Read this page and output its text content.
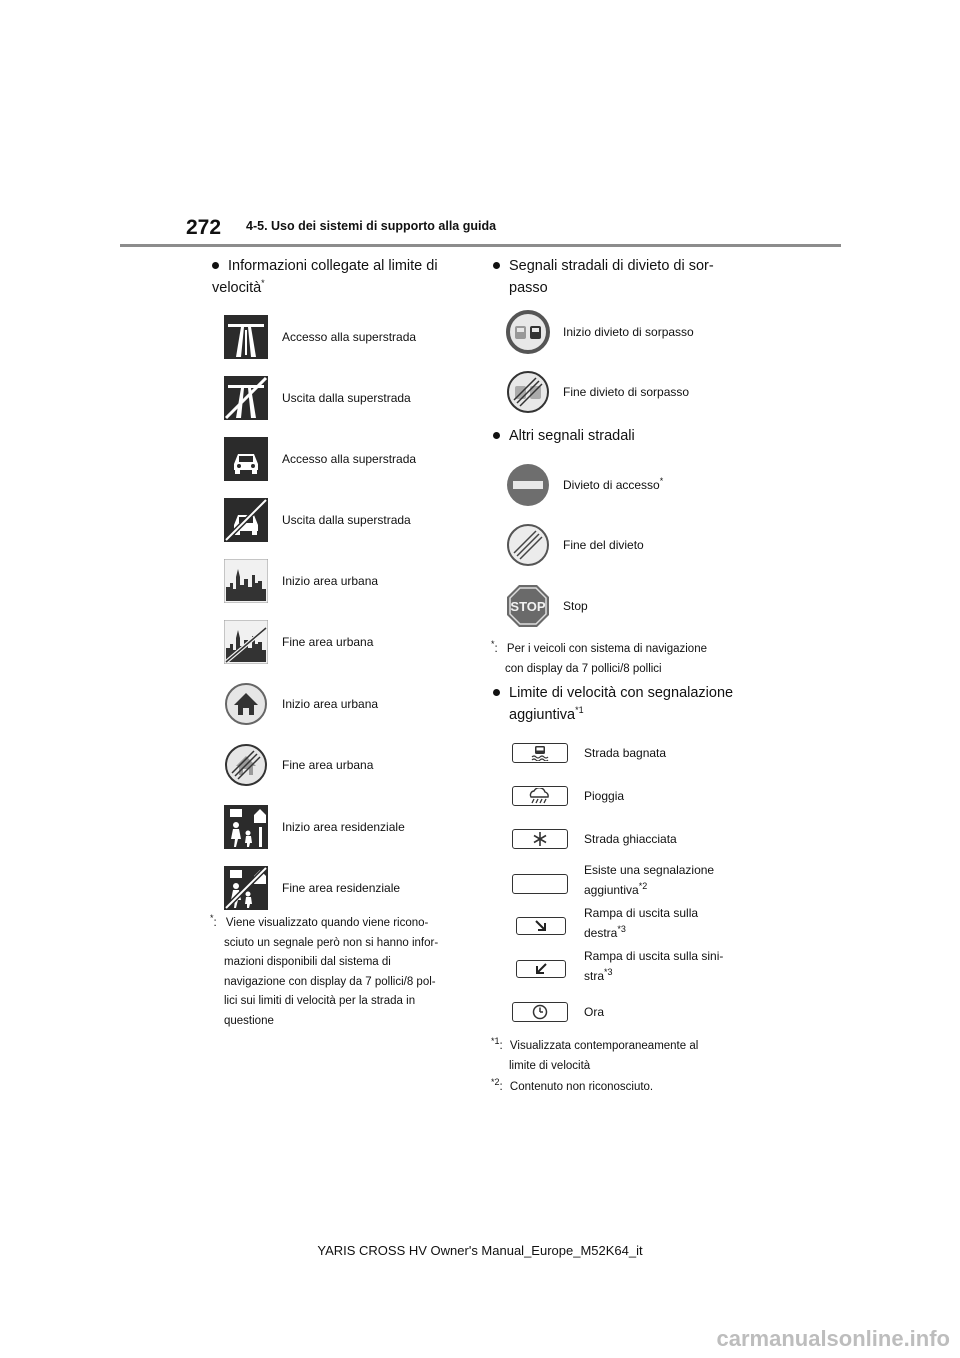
272 4-5. Uso dei sistemi di supporto alla guida
Informazioni collegate al limite di velocità*
Accesso alla superstrada
Uscita dalla superstrada
Accesso alla superstrada
Uscita dalla superstrada
Inizio area urbana
Fine area urbana
Inizio area urbana
Fine area urbana
Inizio area residenziale
Fine area residenziale
*: Viene visualizzato quando viene ricono-
sciuto un segnale però non si hanno infor-
mazioni disponibili dal sistema di
navigazione con display da 7 pollici/8 pol-
lici sui limiti di velocità per la strada in
questione
Segnali stradali di divieto di sor-
passo
Inizio divieto di sorpasso
Fine divieto di sorpasso
Altri segnali stradali
Divieto di accesso*
Fine del divieto
STOP Stop
*: Per i veicoli con sistema di navigazione
con display da 7 pollici/8 pollici
Limite di velocità con segnalazione
aggiuntiva$^{*1}$
Strada bagnata
Pioggia
Strada ghiacciata
Esiste una segnalazione
aggiuntiva$^{*2}$
Rampa di uscita sulla
destra$^{*3}$
Rampa di uscita sulla sini-
stra$^{*3}$
Ora
$^{*1}$: Visualizzata contemporaneamente al
limite di velocità
$^{*2}$: Contenuto non riconosciuto.
YARIS CROSS HV Owner's Manual_Europe_M52K64_it
carmanualsonline.info
